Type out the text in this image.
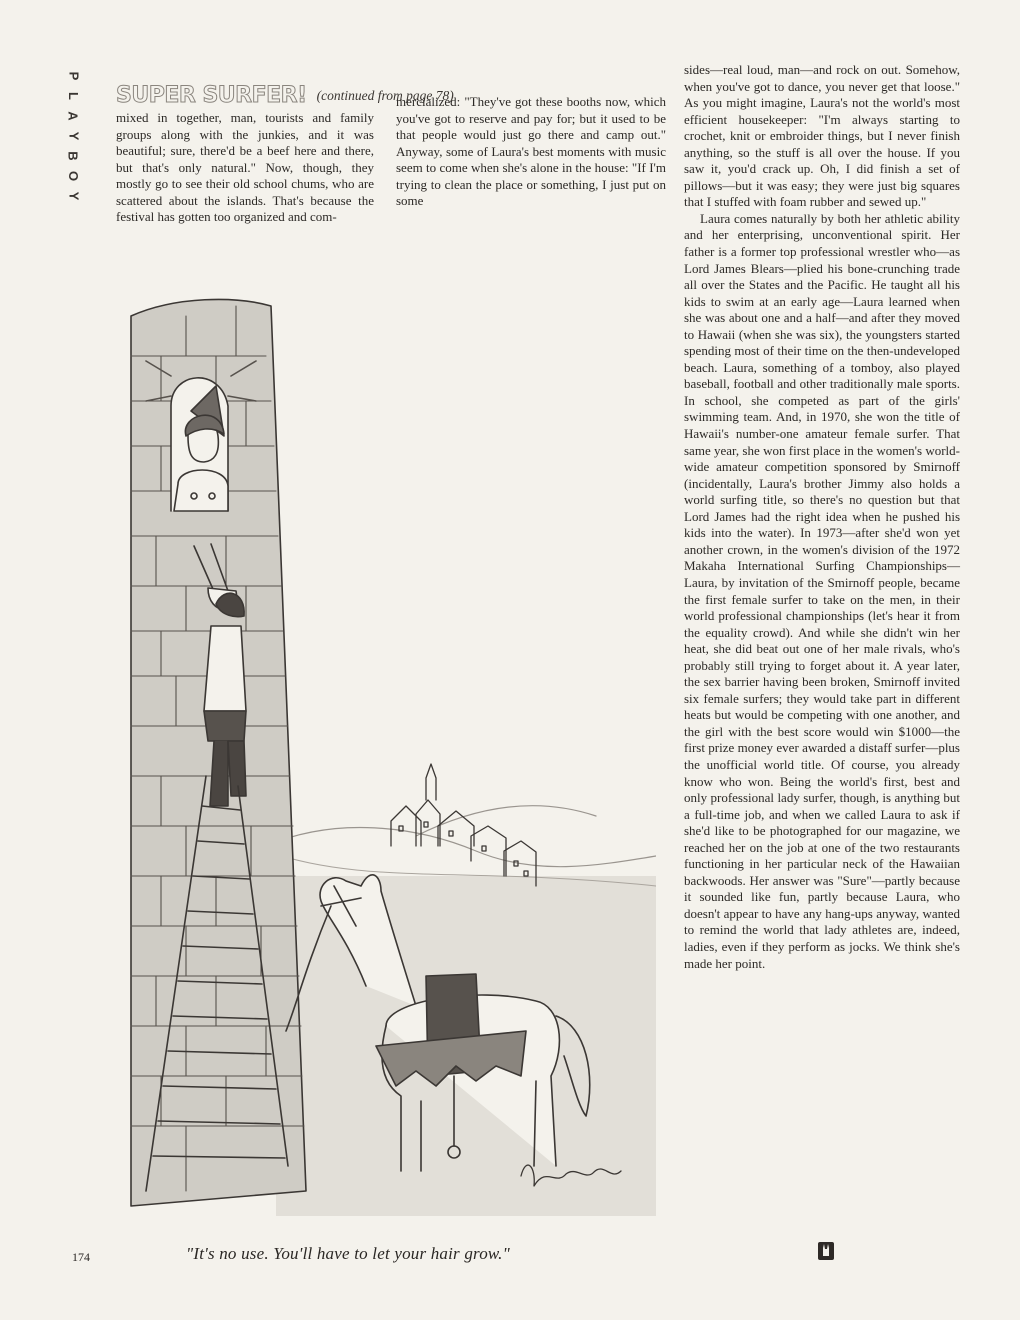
P
L
A
Y
B
O
Y
SUPER SURFER! (continued from page 78)

mixed in together, man, tourists and family groups along with the junkies, and it was beautiful; sure, there'd be a beef here and there, but that's only natural." Now, though, they mostly go to see their old school chums, who are scattered about the islands. That's because the festival has gotten too organized and com-

mercialized: "They've got these booths now, which you've got to reserve and pay for; but it used to be that people would just go there and camp out." Anyway, some of Laura's best moments with music seem to come when she's alone in the house: "If I'm trying to clean the place or something, I just put on some

sides—real loud, man—and rock on out. Somehow, when you've got to dance, you never get that loose." As you might imagine, Laura's not the world's most efficient housekeeper: "I'm always starting to crochet, knit or embroider things, but I never finish anything, so the stuff is all over the house. If you saw it, you'd crack up. Oh, I did finish a set of pillows—but it was easy; they were just big squares that I stuffed with foam rubber and sewed up."

Laura comes naturally by both her athletic ability and her enterprising, unconventional spirit. Her father is a former top professional wrestler who—as Lord James Blears—plied his bone-crunching trade all over the States and the Pacific. He taught all his kids to swim at an early age—Laura learned when she was about one and a half—and after they moved to Hawaii (when she was six), the youngsters started spending most of their time on the then-undeveloped beach. Laura, something of a tomboy, also played baseball, football and other traditionally male sports. In school, she competed as part of the girls' swimming team. And, in 1970, she won the title of Hawaii's number-one amateur female surfer. That same year, she won first place in the women's world-wide amateur competition sponsored by Smirnoff (incidentally, Laura's brother Jimmy also holds a world surfing title, so there's no question but that Lord James had the right idea when he pushed his kids into the water). In 1973—after she'd won yet another crown, in the women's division of the 1972 Makaha International Surfing Championships—Laura, by invitation of the Smirnoff people, became the first female surfer to take on the men, in their world professional championships (let's hear it from the equality crowd). And while she didn't win her heat, she did beat out one of her male rivals, who's probably still trying to forget about it. A year later, the sex barrier having been broken, Smirnoff invited six female surfers; they would take part in different heats but would be competing with one another, and the girl with the best score would win $1000—the first prize money ever awarded a distaff surfer—plus the unofficial world title. Of course, you already know who won. Being the world's first, best and only professional lady surfer, though, is anything but a full-time job, and when we called Laura to ask if she'd like to be photographed for our magazine, we reached her on the job at one of the two restaurants functioning in her particular neck of the Hawaiian backwoods. Her answer was "Sure"—partly because it sounded like fun, partly because Laura, who doesn't appear to have any hang-ups anyway, wanted to remind the world that lady athletes are, indeed, ladies, even if they perform as jocks. We think she's made her point.

174	"It's no use. You'll have to let your hair grow."
